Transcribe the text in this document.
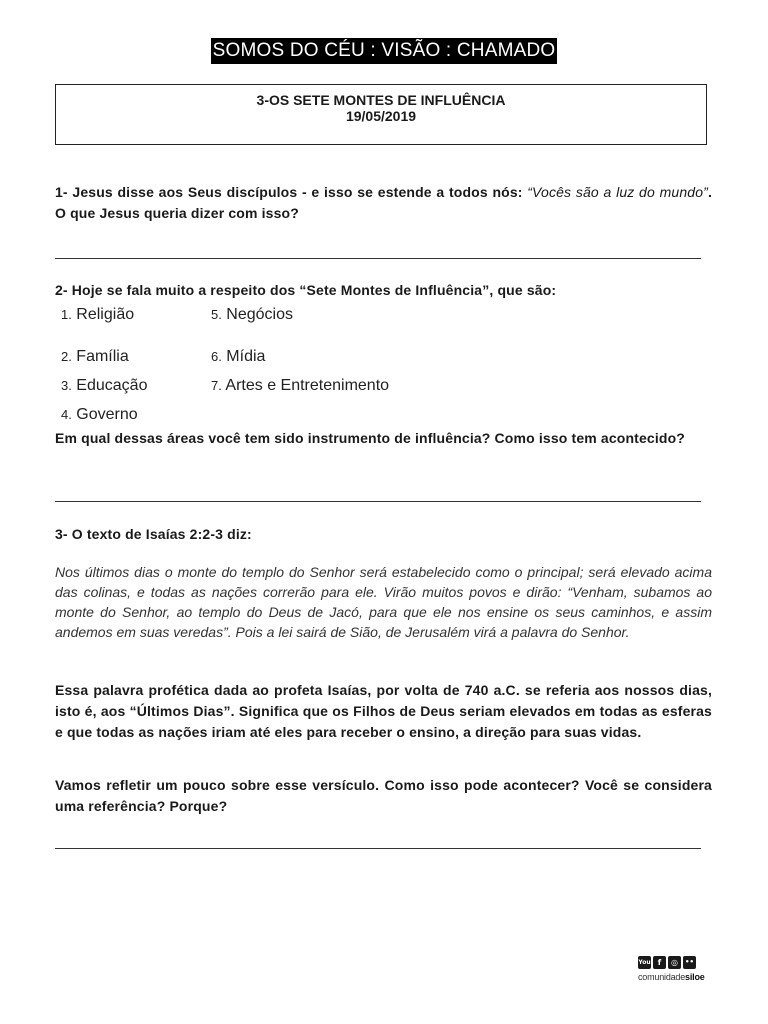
SOMOS DO CÉU : VISÃO : CHAMADO
3-OS SETE MONTES DE INFLUÊNCIA
19/05/2019
1- Jesus disse aos Seus discípulos - e isso se estende a todos nós: “Vocês são a luz do mundo”. O que Jesus queria dizer com isso?
2- Hoje se fala muito a respeito dos “Sete Montes de Influência”, que são:
1. Religião	5. Negócios
2. Família	6. Mídia
3. Educação	7. Artes e Entretenimento
4. Governo
Em qual dessas áreas você tem sido instrumento de influência? Como isso tem acontecido?
3- O texto de Isaías 2:2-3 diz:
Nos últimos dias o monte do templo do Senhor será estabelecido como o principal; será elevado acima das colinas, e todas as nações correrão para ele. Virão muitos povos e dirão: “Venham, subamos ao monte do Senhor, ao templo do Deus de Jacó, para que ele nos ensine os seus caminhos, e assim andemos em suas veredas”. Pois a lei sairá de Sião, de Jerusalém virá a palavra do Senhor.
Essa palavra profética dada ao profeta Isaías, por volta de 740 a.C. se referia aos nossos dias, isto é, aos “Últimos Dias”. Significa que os Filhos de Deus seriam elevados em todas as esferas e que todas as nações iriam até eles para receber o ensino, a direção para suas vidas.
Vamos refletir um pouco sobre esse versículo. Como isso pode acontecer? Você se considera uma referência? Porque?
You f	◎	••
comunidadesiloe
